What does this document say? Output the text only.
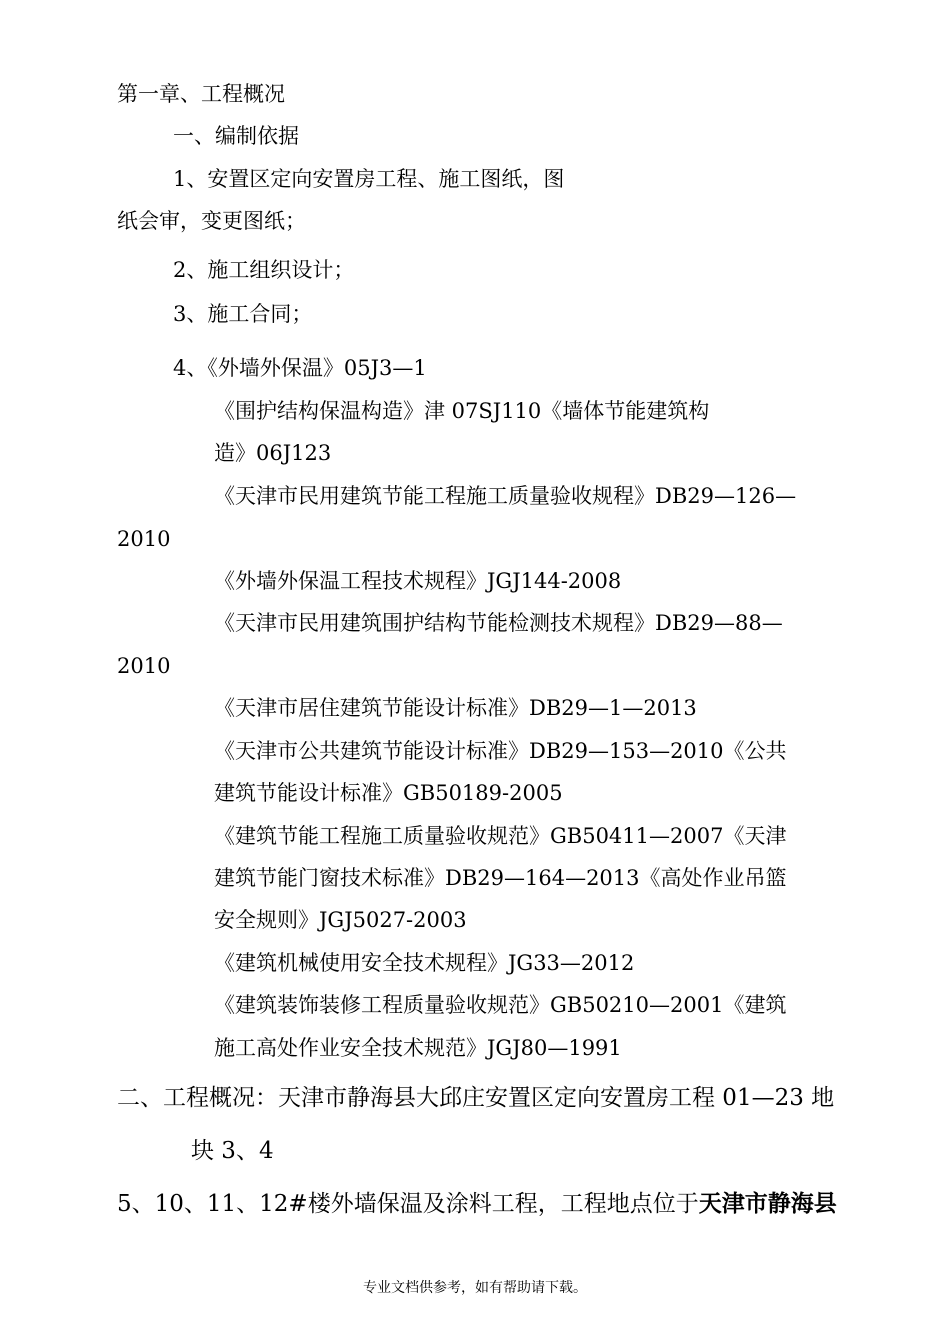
第一章、工程概况
一、编制依据
1、安置区定向安置房工程、施工图纸，图
纸会审，变更图纸；
2、施工组织设计；
3、施工合同；
4、《外墙外保温》05J3—1
《围护结构保温构造》津 07SJ110《墙体节能建筑构
造》06J123
《天津市民用建筑节能工程施工质量验收规程》DB29—126—
2010
《外墙外保温工程技术规程》JGJ144-2008
《天津市民用建筑围护结构节能检测技术规程》DB29—88—
2010
《天津市居住建筑节能设计标准》DB29—1—2013
《天津市公共建筑节能设计标准》DB29—153—2010《公共
建筑节能设计标准》GB50189-2005
《建筑节能工程施工质量验收规范》GB50411—2007《天津
建筑节能门窗技术标准》DB29—164—2013《高处作业吊篮
安全规则》JGJ5027-2003
《建筑机械使用安全技术规程》JG33—2012
《建筑装饰装修工程质量验收规范》GB50210—2001《建筑
施工高处作业安全技术规范》JGJ80—1991
二、工程概况：天津市静海县大邱庄安置区定向安置房工程 01—23 地
块 3、4
5、10、11、12#楼外墙保温及涂料工程，工程地点位于天津市静海县
专业文档供参考，如有帮助请下载。
